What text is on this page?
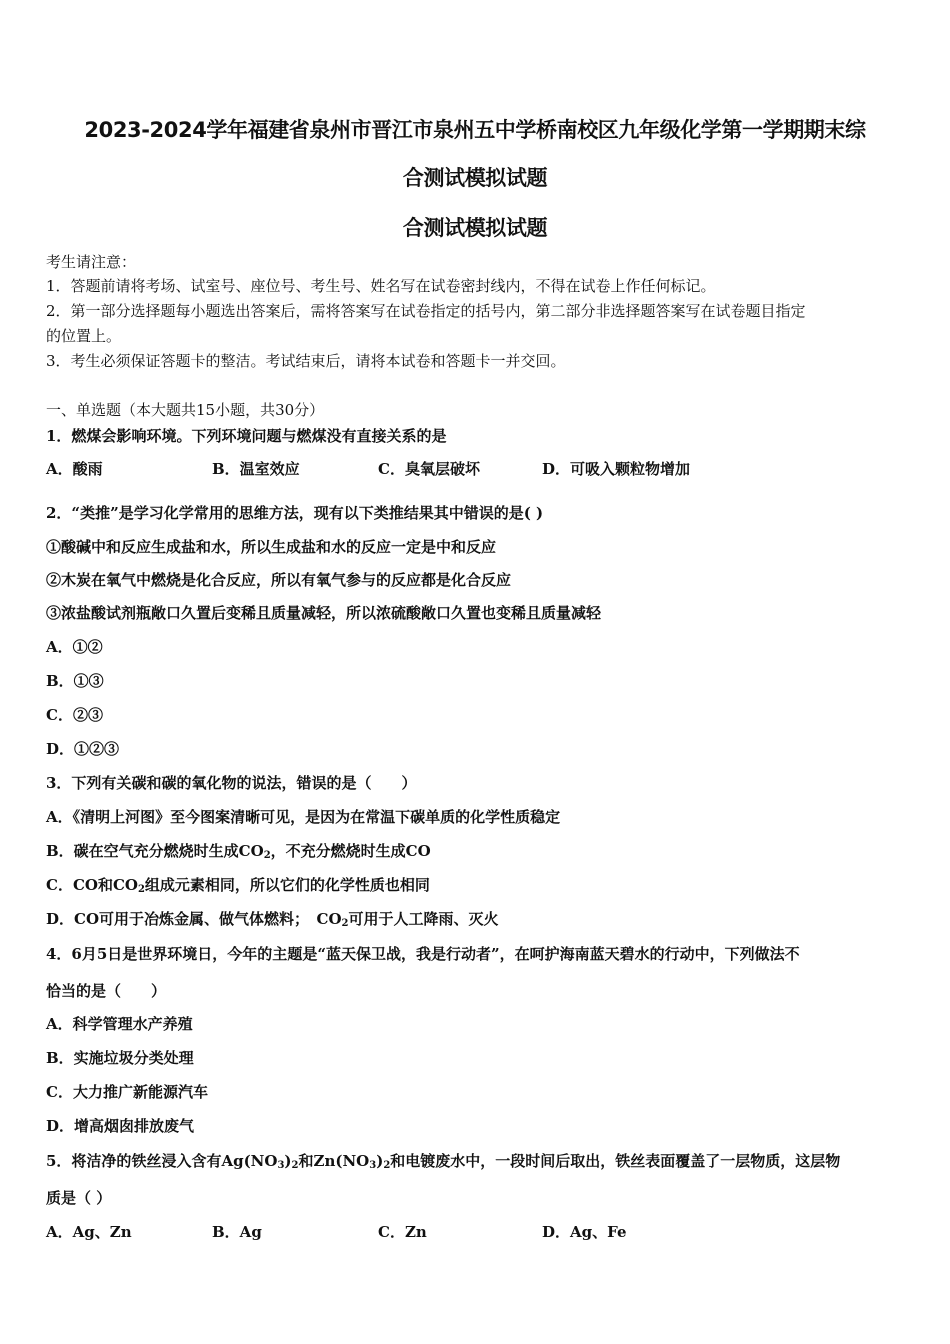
2023-2024学年福建省泉州市晋江市泉州五中学桥南校区九年级化学第一学期期末综
合测试模拟试题
合测试模拟试题
考生请注意：
1．答题前请将考场、试室号、座位号、考生号、姓名写在试卷密封线内，不得在试卷上作任何标记。
2．第一部分选择题每小题选出答案后，需将答案写在试卷指定的括号内，第二部分非选择题答案写在试卷题目指定
的位置上。
3．考生必须保证答题卡的整洁。考试结束后，请将本试卷和答题卡一并交回。
一、单选题（本大题共15小题，共30分）
1．燃煤会影响环境。下列环境问题与燃煤没有直接关系的是
A．酸雨	B．温室效应	C．臭氧层破坏	D．可吸入颗粒物增加
2．“类推”是学习化学常用的思维方法，现有以下类推结果其中错误的是( )
①酸碱中和反应生成盐和水，所以生成盐和水的反应一定是中和反应
②木炭在氧气中燃烧是化合反应，所以有氧气参与的反应都是化合反应
③浓盐酸试剂瓶敞口久置后变稀且质量减轻，所以浓硫酸敞口久置也变稀且质量减轻
A．①②
B．①③
C．②③
D．①②③
3．下列有关碳和碳的氧化物的说法，错误的是（　　）
A．《清明上河图》至今图案清晰可见，是因为在常温下碳单质的化学性质稳定
B．碳在空气充分燃烧时生成$CO_2$，不充分燃烧时生成CO
C．CO和$CO_2$组成元素相同，所以它们的化学性质也相同
D．CO可用于冶炼金属、做气体燃料；　$CO_2$可用于人工降雨、灭火
4．6月5日是世界环境日，今年的主题是“蓝天保卫战，我是行动者”，在呵护海南蓝天碧水的行动中，下列做法不
恰当的是（　　）
A．科学管理水产养殖
B．实施垃圾分类处理
C．大力推广新能源汽车
D．增高烟囱排放废气
5．将洁净的铁丝浸入含有$Ag(NO_3)_2$和$Zn(NO_3)_2$和电镀废水中，一段时间后取出，铁丝表面覆盖了一层物质，这层物
质是（ ）
A．Ag、Zn	B．Ag	C．Zn	D．Ag、Fe
